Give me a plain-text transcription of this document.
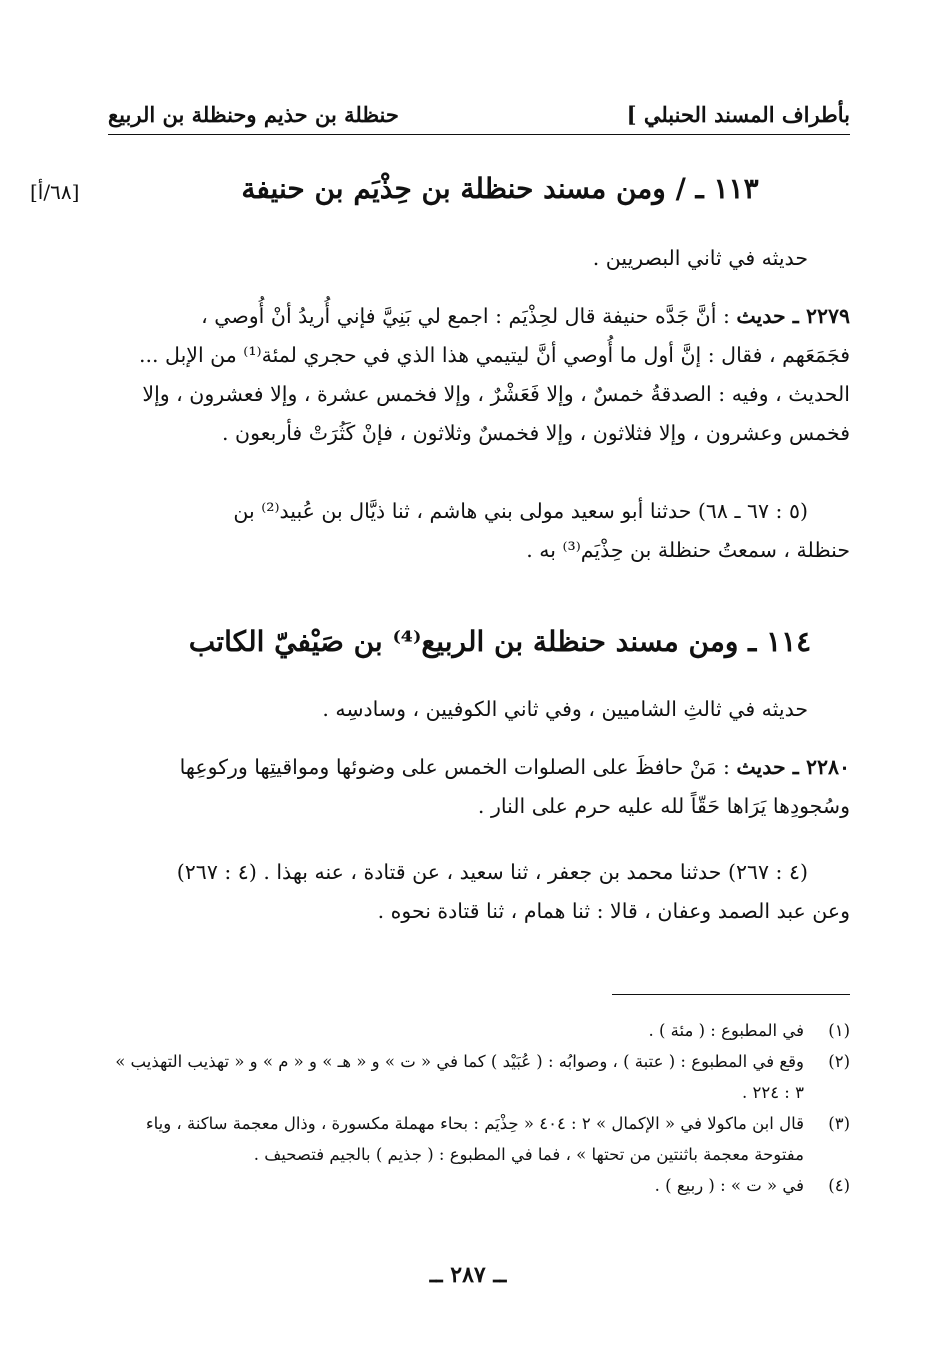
بأطراف المسند الحنبلي ]
حنظلة بن حذيم وحنظلة بن الربيع
[٦٨/أ]	١١٣ ـ / ومن مسند حنظلة بن حِذْيَم بن حنيفة
حديثه في ثاني البصريين .
٢٢٧٩ ـ حديث : أنَّ جَدَّه حنيفة قال لحِذْيَم : اجمع لي بَنِيَّ فإني أُريدُ أنْ أُوصي ،
فجَمَعَهم ، فقال : إنَّ أول ما أُوصي أنَّ ليتيمي هذا الذي في حجري لمئة⁽¹⁾ من الإبل ...
الحديث ، وفيه : الصدقةُ خمسٌ ، وإلا فَعَشْرٌ ، وإلا فخمس عشرة ، وإلا فعشرون ، وإلا
فخمس وعشرون ، وإلا فثلاثون ، وإلا فخمسٌ وثلاثون ، فإنْ كَثُرَتْ فأربعون .
(٥ : ٦٧ ـ ٦٨) حدثنا أبو سعيد مولى بني هاشم ، ثنا ذيَّال بن عُبيد⁽²⁾ بن
حنظلة ، سمعتُ حنظلة بن حِذْيَم⁽³⁾ به .
١١٤ ـ ومن مسند حنظلة بن الربيع⁽⁴⁾ بن صَيْفيّ الكاتب
حديثه في ثالثِ الشاميين ، وفي ثاني الكوفيين ، وسادسِه .
٢٢٨٠ ـ حديث : مَنْ حافظَ على الصلوات الخمس على وضوئها ومواقيتِها وركوعِها
وسُجودِها يَرَاها حَقّاً لله عليه حرم على النار .
(٤ : ٢٦٧) حدثنا محمد بن جعفر ، ثنا سعيد ، عن قتادة ، عنه بهذا . (٤ : ٢٦٧)
وعن عبد الصمد وعفان ، قالا : ثنا همام ، ثنا قتادة نحوه .
(١)
في المطبوع : ( مئة ) .
(٢)
وقع في المطبوع : ( عتبة ) ، وصوابُه : ( عُبَيْد ) كما في « ت » و « هـ » و « م » و « تهذيب التهذيب »
٣ : ٢٢٤ .
(٣)
قال ابن ماكولا في « الإكمال » ٢ : ٤٠٤ « حِذْيَم : بحاء مهملة مكسورة ، وذال معجمة ساكنة ، وياء
مفتوحة معجمة باثنتين من تحتها » ، فما في المطبوع : ( جذيم ) بالجيم فتصحيف .
(٤)
في « ت » : ( ربيع ) .
ــ ٢٨٧ ــ
